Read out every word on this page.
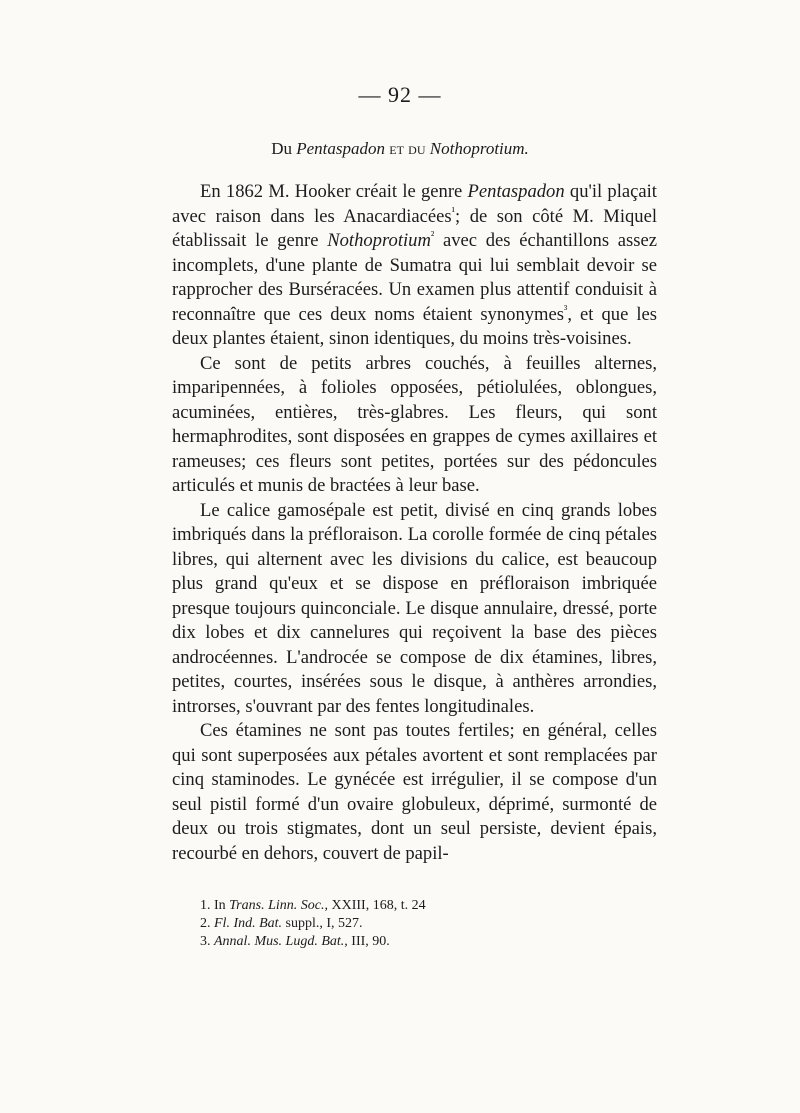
— 92 —
Du Pentaspadon et du Nothoprotium.

En 1862 M. Hooker créait le genre Pentaspadon qu'il plaçait avec raison dans les Anacardiacées$^{^1}$; de son côté M. Miquel établissait le genre Nothoprotium$^{^2}$ avec des échantillons assez incomplets, d'une plante de Sumatra qui lui semblait devoir se rapprocher des Burséracées. Un examen plus attentif conduisit à reconnaître que ces deux noms étaient synonymes$^{^3}$, et que les deux plantes étaient, sinon identiques, du moins très-voisines.

Ce sont de petits arbres couchés, à feuilles alternes, imparipennées, à folioles opposées, pétiolulées, oblongues, acuminées, entières, très-glabres. Les fleurs, qui sont hermaphrodites, sont disposées en grappes de cymes axillaires et rameuses; ces fleurs sont petites, portées sur des pédoncules articulés et munis de bractées à leur base.

Le calice gamosépale est petit, divisé en cinq grands lobes imbriqués dans la préfloraison. La corolle formée de cinq pétales libres, qui alternent avec les divisions du calice, est beaucoup plus grand qu'eux et se dispose en préfloraison imbriquée presque toujours quinconciale. Le disque annulaire, dressé, porte dix lobes et dix cannelures qui reçoivent la base des pièces androcéennes. L'androcée se compose de dix étamines, libres, petites, courtes, insérées sous le disque, à anthères arrondies, introrses, s'ouvrant par des fentes longitudinales.

Ces étamines ne sont pas toutes fertiles; en général, celles qui sont superposées aux pétales avortent et sont remplacées par cinq staminodes. Le gynécée est irrégulier, il se compose d'un seul pistil formé d'un ovaire globuleux, déprimé, surmonté de deux ou trois stigmates, dont un seul persiste, devient épais, recourbé en dehors, couvert de papil-

1. In Trans. Linn. Soc., XXIII, 168, t. 24
2. Fl. Ind. Bat. suppl., I, 527.
3. Annal. Mus. Lugd. Bat., III, 90.
